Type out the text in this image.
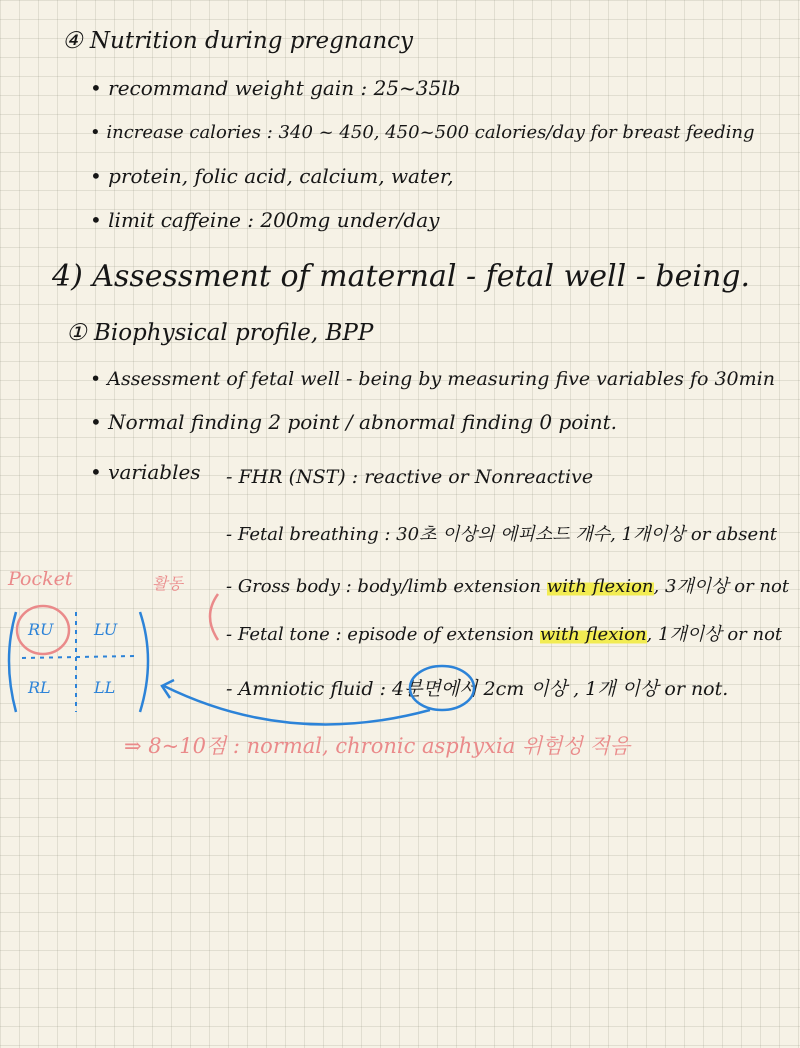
④ Nutrition during pregnancy
• recommand weight gain : 25~35lb
• increase calories : 340 ~ 450, 450~500 calories/day for breast feeding
• protein, folic acid, calcium, water,
• limit caffeine : 200mg under/day
4) Assessment of maternal - fetal well - being.
① Biophysical profile, BPP
• Assessment of fetal well - being by measuring five variables fo 30min
• Normal finding 2 point / abnormal finding 0 point.
• variables - FHR (NST) : reactive or Nonreactive
- Fetal breathing : 30초 이상의 에피소드 개수, 1개이상 or absent
- Gross body : body/limb extension with flexion, 3개이상 or not
- Fetal tone : episode of extension with flexion, 1개이상 or not
- Amniotic fluid : 4분면에서 2cm 이상 , 1개 이상 or not.
⇒ 8~10점 : normal, chronic asphyxia 위험성 적음
Pocket	활동
RU	LU
RL	LL
